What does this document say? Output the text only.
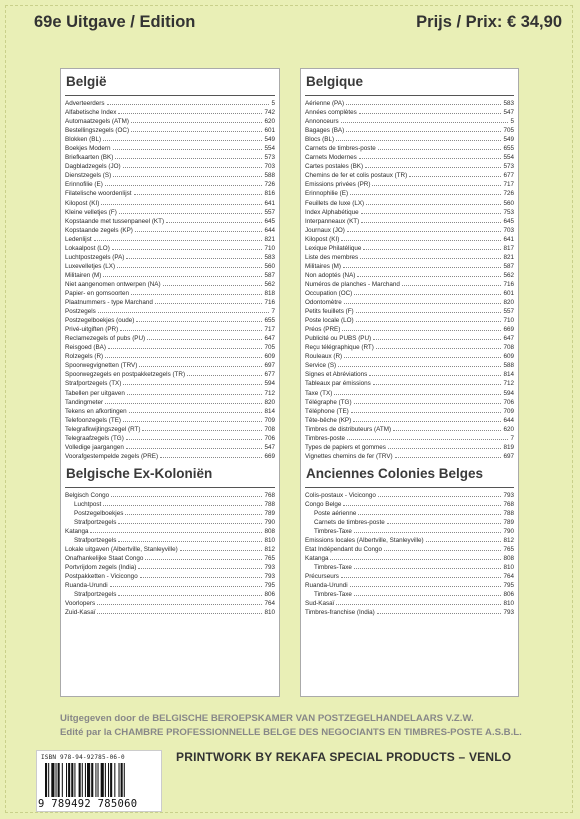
69e Uitgave / Edition	Prijs / Prix: € 34,90
België
Adverteerders	5
Alfabetische Index	742
Automaatzegels (ATM)	620
Bestellingszegels (OC)	601
Blokken (BL)	549
Boekjes Modern	554
Briefkaarten (BK)	573
Dagbladzegels (JO)	703
Dienstzegels (S)	588
Erinnofilie (E)	726
Filatelische woordenlijst	816
Kilopost (KI)	641
Kleine velletjes (F)	557
Kopstaande met tussenpaneel (KT)	645
Kopstaande zegels (KP)	644
Ledenlijst	821
Lokaalpost (LO)	710
Luchtpostzegels (PA)	583
Luxevelletjes (LX)	560
Militairen (M)	587
Niet aangenomen ontwerpen (NA)	562
Papier- en gomsoorten	818
Plaatnummers - type Marchand	716
Postzegels	7
Postzegelboekjes (oude)	655
Privé-uitgiften (PR)	717
Reclamezegels of pubs (PU)	647
Reisgoed (BA)	705
Rolzegels (R)	609
Spoorwegvignetten (TRV)	697
Spoorwegzegels en postpakketzegels (TR)	677
Strafportzegels (TX)	594
Tabellen per uitgaven	712
Tandingmeter	820
Tekens en afkortingen	814
Telefoonzegels (TE)	709
Telegrafkwijtingszegel (RT)	708
Telegraafzegels (TG)	706
Volledige jaargangen	547
Voorafgestempelde zegels (PRE)	669
Belgische Ex-Koloniën
Belgisch Congo	768
Luchtpost	788
Postzegelboekjes	789
Strafportzegels	790
Katanga	808
Strafportzegels	810
Lokale uitgaven (Albertville, Stanleyville)	812
Onafhankelijke Staat Congo	765
Portvrijdom zegels (India)	793
Postpakketten - Vicicongo	793
Ruanda-Urundi	795
Strafportzegels	806
Voorlopers	764
Zuid-Kasaï	810
Belgique
Aérienne (PA)	583
Années complètes	547
Annonceurs	5
Bagages (BA)	705
Blocs (BL)	549
Carnets de timbres-poste	655
Carnets Modernes	554
Cartes postales (BK)	573
Chemins de fer et colis postaux (TR)	677
Emissions privées (PR)	717
Erinnophilie (E)	726
Feuillets de luxe (LX)	560
Index Alphabétique	753
Interpanneaux (KT)	645
Journaux (JO)	703
Kilopost (KI)	641
Lexique Philatélique	817
Liste des membres	821
Militaires (M)	587
Non adoptés (NA)	562
Numéros de planches - Marchand	716
Occupation (OC)	601
Odontomètre	820
Petits feuillets (F)	557
Poste locale (LO)	710
Préos (PRE)	669
Publicité ou PUBS (PU)	647
Reçu télégraphique (RT)	708
Rouleaux (R)	609
Service (S)	588
Signes et Abréviations	814
Tableaux par émissions	712
Taxe (TX)	594
Télégraphe (TG)	706
Téléphone (TE)	709
Tête-bêche (KP)	644
Timbres de distributeurs (ATM)	620
Timbres-poste	7
Types de papiers et gommes	819
Vignettes chemins de fer (TRV)	697
Anciennes Colonies Belges
Colis-postaux - Vicicongo	793
Congo Belge	768
Poste aérienne	788
Carnets de timbres-poste	789
Timbres-Taxe	790
Emissions locales (Albertville, Stanleyville)	812
Etat Indépendant du Congo	765
Katanga	808
Timbres-Taxe	810
Précurseurs	764
Ruanda-Urundi	795
Timbres-Taxe	806
Sud-Kasaï	810
Timbres-franchise (India)	793
Uitgegeven door de BELGISCHE BEROEPSKAMER VAN POSTZEGELHANDELAARS V.Z.W.
Edité par la CHAMBRE PROFESSIONNELLE BELGE DES NEGOCIANTS EN TIMBRES-POSTE A.S.B.L.
ISBN 978-94-92785-06-0
9 789492 785060
PRINTWORK BY REKAFA SPECIAL PRODUCTS – VENLO
